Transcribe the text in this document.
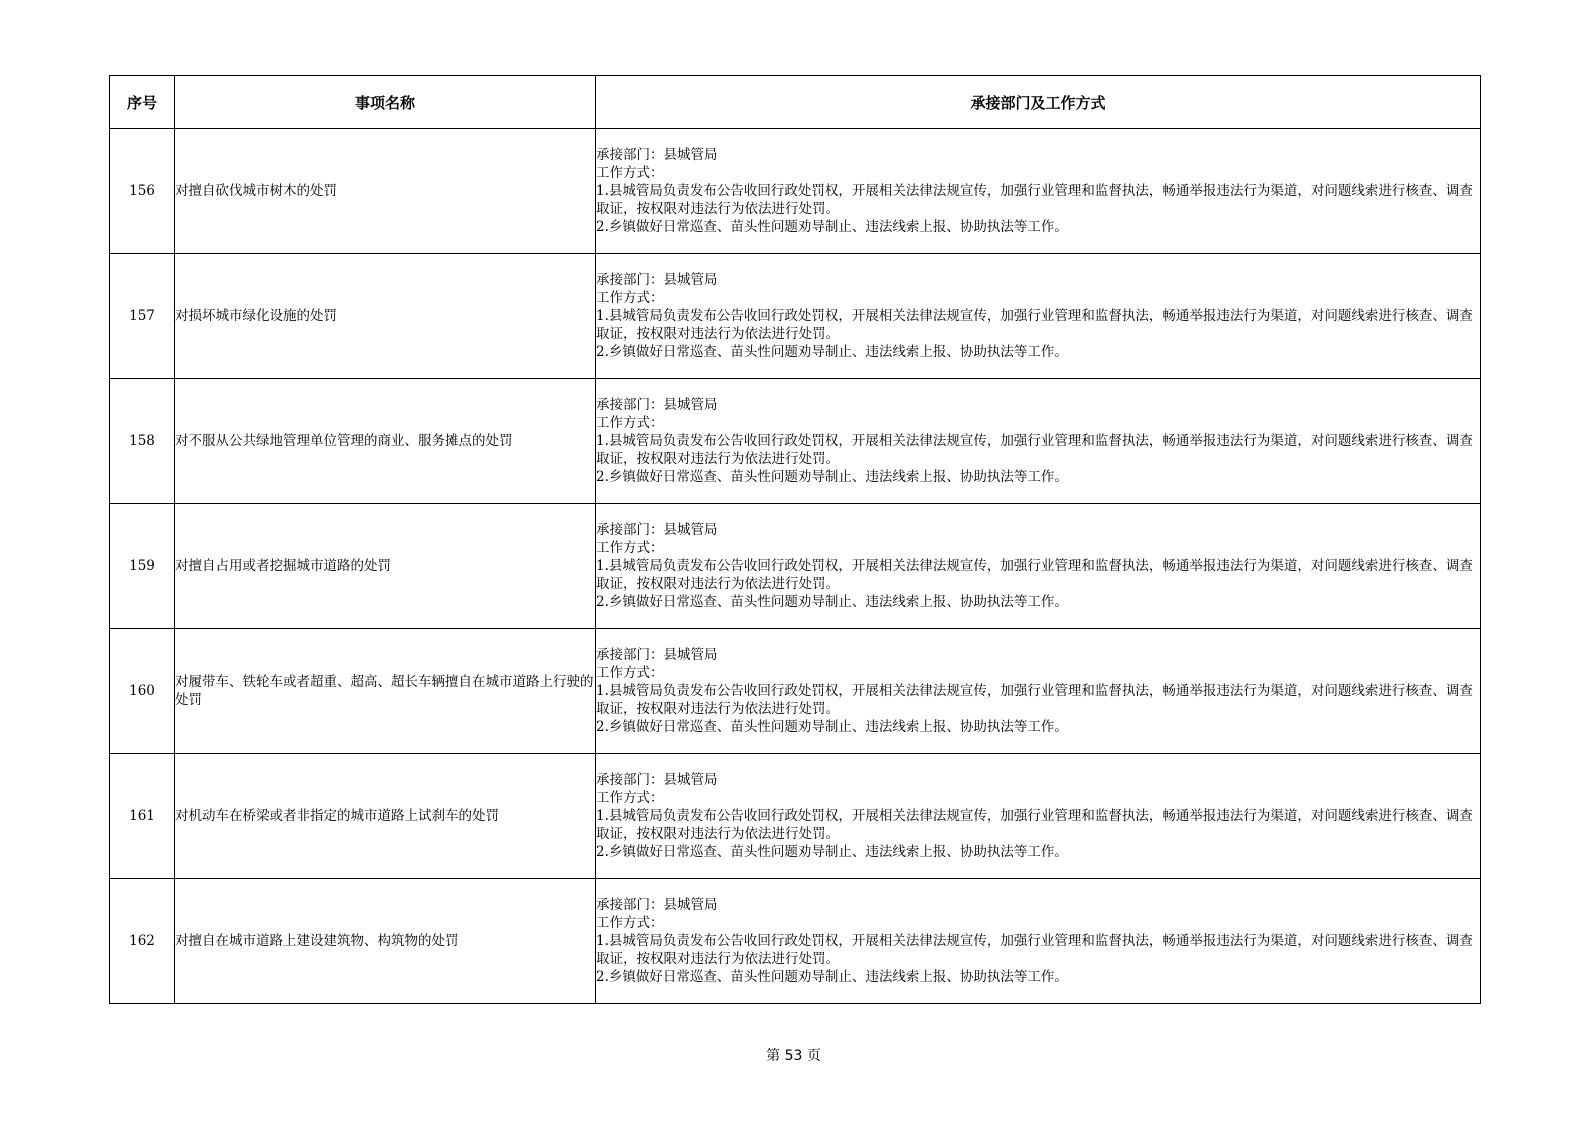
序号	事项名称	承接部门及工作方式
156	对擅自砍伐城市树木的处罚	承接部门：县城管局
工作方式：
1.县城管局负责发布公告收回行政处罚权，开展相关法律法规宣传，加强行业管理和监督执法，畅通举报违法行为渠道，对问题线索进行核查、调查取证，按权限对违法行为依法进行处罚。
2.乡镇做好日常巡查、苗头性问题劝导制止、违法线索上报、协助执法等工作。

157	对损坏城市绿化设施的处罚	承接部门：县城管局
工作方式：
1.县城管局负责发布公告收回行政处罚权，开展相关法律法规宣传，加强行业管理和监督执法，畅通举报违法行为渠道，对问题线索进行核查、调查取证，按权限对违法行为依法进行处罚。
2.乡镇做好日常巡查、苗头性问题劝导制止、违法线索上报、协助执法等工作。

158	对不服从公共绿地管理单位管理的商业、服务摊点的处罚	承接部门：县城管局
工作方式：
1.县城管局负责发布公告收回行政处罚权，开展相关法律法规宣传，加强行业管理和监督执法，畅通举报违法行为渠道，对问题线索进行核查、调查取证，按权限对违法行为依法进行处罚。
2.乡镇做好日常巡查、苗头性问题劝导制止、违法线索上报、协助执法等工作。

159	对擅自占用或者挖掘城市道路的处罚	承接部门：县城管局
工作方式：
1.县城管局负责发布公告收回行政处罚权，开展相关法律法规宣传，加强行业管理和监督执法，畅通举报违法行为渠道，对问题线索进行核查、调查取证，按权限对违法行为依法进行处罚。
2.乡镇做好日常巡查、苗头性问题劝导制止、违法线索上报、协助执法等工作。

160	对履带车、铁轮车或者超重、超高、超长车辆擅自在城市道路上行驶的处罚	承接部门：县城管局
工作方式：
1.县城管局负责发布公告收回行政处罚权，开展相关法律法规宣传，加强行业管理和监督执法，畅通举报违法行为渠道，对问题线索进行核查、调查取证，按权限对违法行为依法进行处罚。
2.乡镇做好日常巡查、苗头性问题劝导制止、违法线索上报、协助执法等工作。

161	对机动车在桥梁或者非指定的城市道路上试刹车的处罚	承接部门：县城管局
工作方式：
1.县城管局负责发布公告收回行政处罚权，开展相关法律法规宣传，加强行业管理和监督执法，畅通举报违法行为渠道，对问题线索进行核查、调查取证，按权限对违法行为依法进行处罚。
2.乡镇做好日常巡查、苗头性问题劝导制止、违法线索上报、协助执法等工作。

162	对擅自在城市道路上建设建筑物、构筑物的处罚	承接部门：县城管局
工作方式：
1.县城管局负责发布公告收回行政处罚权，开展相关法律法规宣传，加强行业管理和监督执法，畅通举报违法行为渠道，对问题线索进行核查、调查取证，按权限对违法行为依法进行处罚。
2.乡镇做好日常巡查、苗头性问题劝导制止、违法线索上报、协助执法等工作。
第 53 页
